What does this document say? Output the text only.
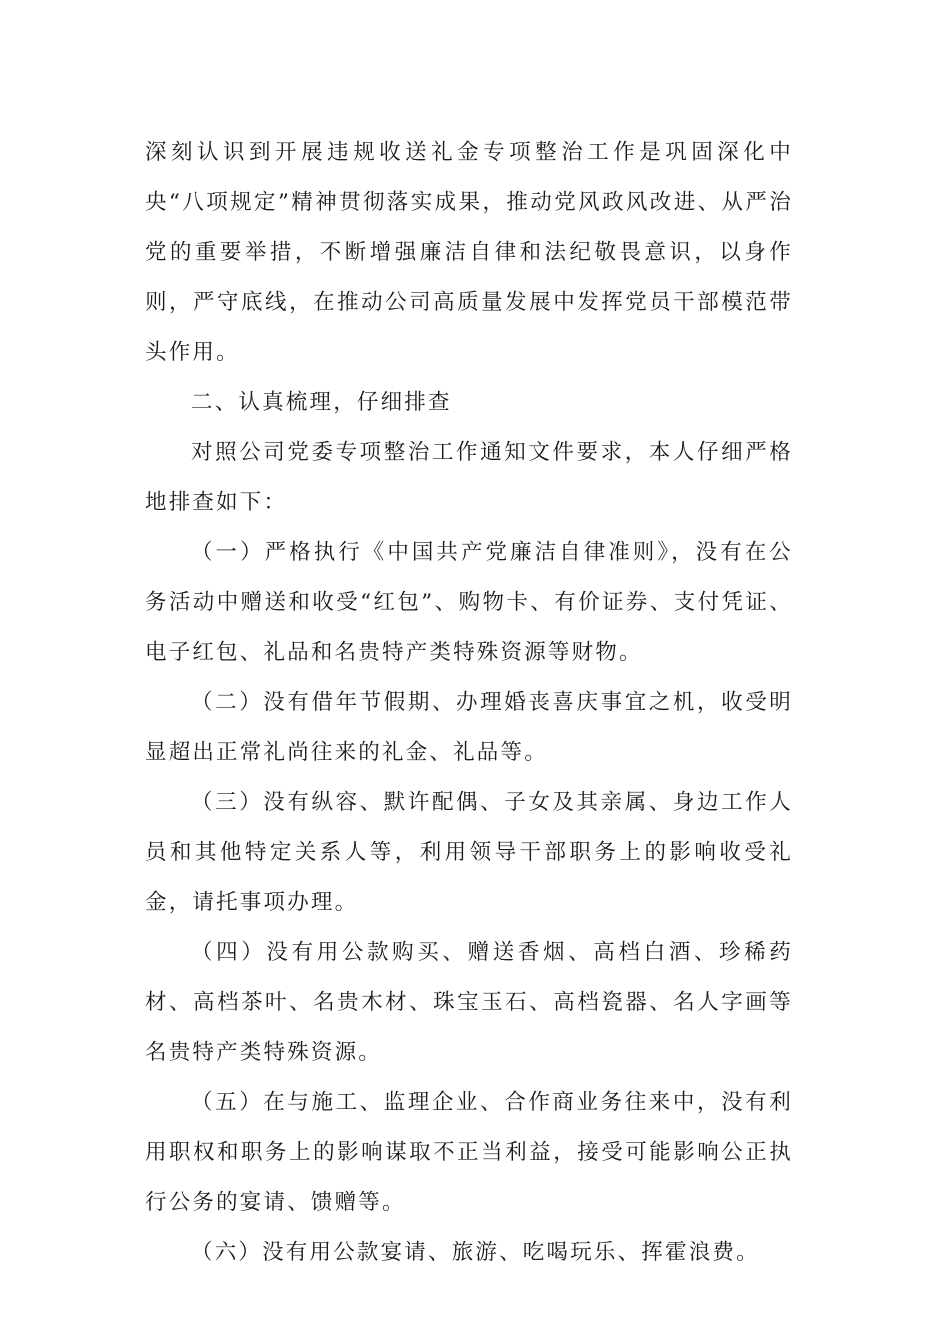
深刻认识到开展违规收送礼金专项整治工作是巩固深化中央“八项规定”精神贯彻落实成果，推动党风政风改进、从严治党的重要举措，不断增强廉洁自律和法纪敬畏意识，以身作则，严守底线，在推动公司高质量发展中发挥党员干部模范带头作用。

二、认真梳理，仔细排查

对照公司党委专项整治工作通知文件要求，本人仔细严格地排查如下：

（一）严格执行《中国共产党廉洁自律准则》，没有在公务活动中赠送和收受“红包”、购物卡、有价证券、支付凭证、电子红包、礼品和名贵特产类特殊资源等财物。

（二）没有借年节假期、办理婚丧喜庆事宜之机，收受明显超出正常礼尚往来的礼金、礼品等。

（三）没有纵容、默许配偶、子女及其亲属、身边工作人员和其他特定关系人等，利用领导干部职务上的影响收受礼金，请托事项办理。

（四）没有用公款购买、赠送香烟、高档白酒、珍稀药材、高档茶叶、名贵木材、珠宝玉石、高档瓷器、名人字画等名贵特产类特殊资源。

（五）在与施工、监理企业、合作商业务往来中，没有利用职权和职务上的影响谋取不正当利益，接受可能影响公正执行公务的宴请、馈赠等。

（六）没有用公款宴请、旅游、吃喝玩乐、挥霍浪费。
